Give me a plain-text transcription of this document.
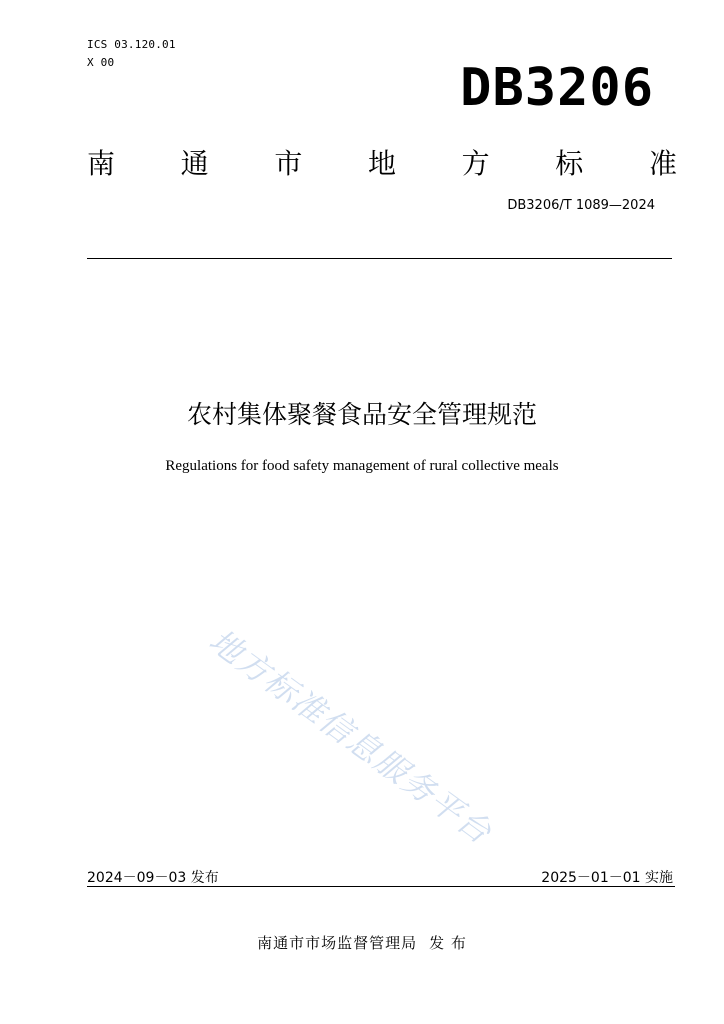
ICS 03.120.01
X 00	DB3206
南 通 市 地 方 标 准
DB3206/T 1089—2024
农村集体聚餐食品安全管理规范
Regulations for food safety management of rural collective meals
地方标准信息服务平台
2024－09－03 发布	2025－01－01 实施
南通市市场监督管理局 发 布
